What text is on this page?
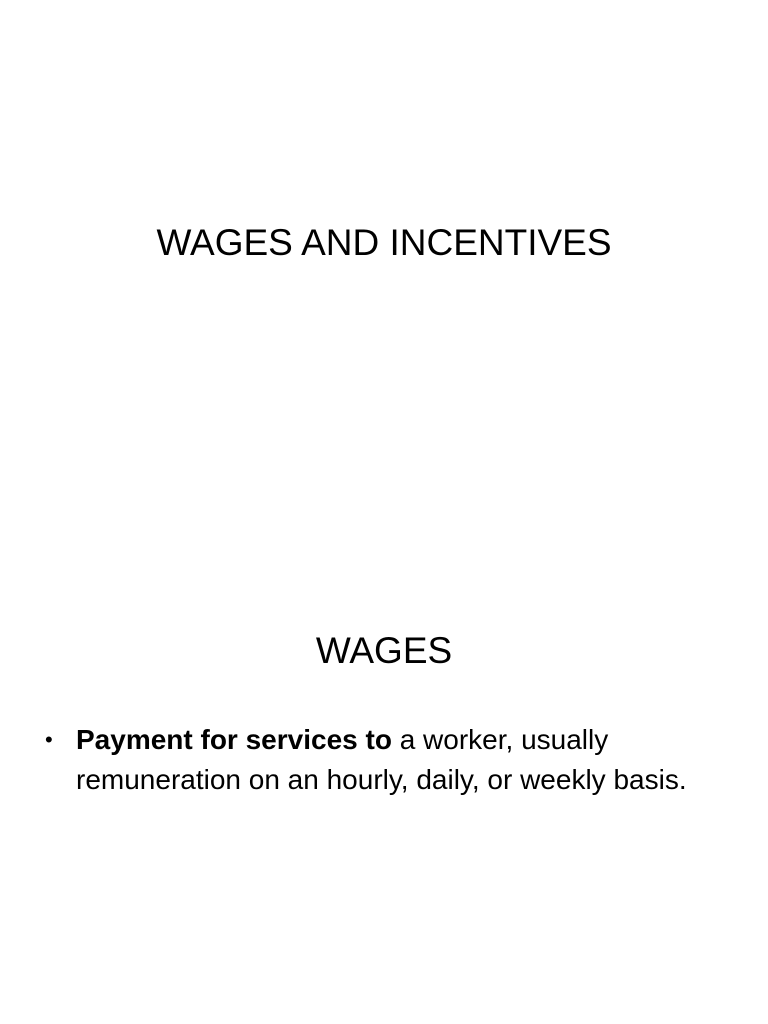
WAGES AND INCENTIVES
WAGES
• Payment for services to a worker, usually remuneration on an hourly, daily, or weekly basis.
